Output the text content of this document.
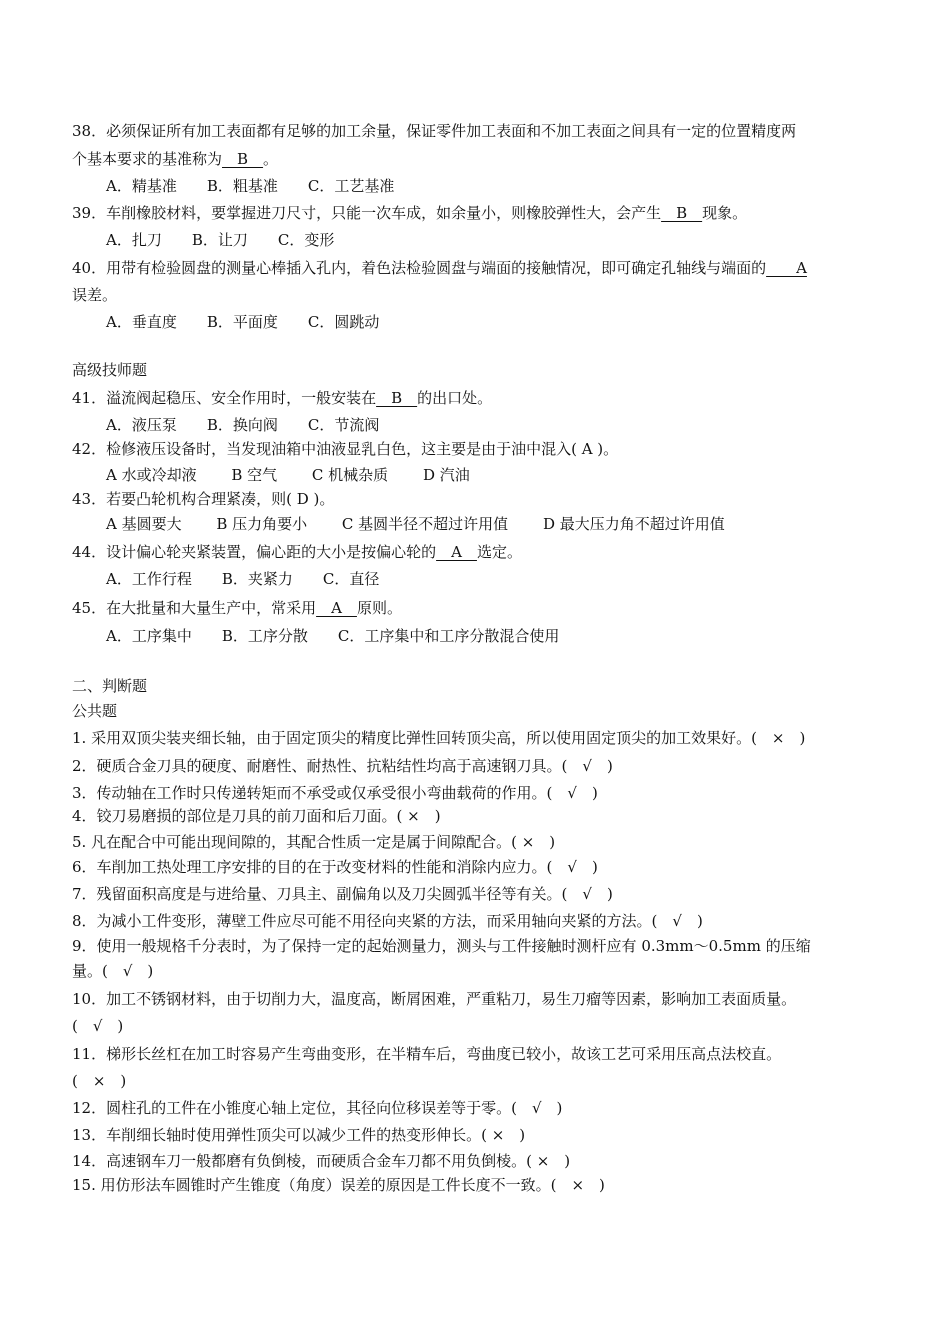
38．必须保证所有加工表面都有足够的加工余量，保证零件加工表面和不加工表面之间具有一定的位置精度两
个基本要求的基准称为　B　。
A．精基准　　B．粗基准　　C．工艺基准
39．车削橡胶材料，要掌握进刀尺寸，只能一次车成，如余量小，则橡胶弹性大，会产生　B　现象。
A．扎刀　　B．让刀　　C．变形
40．用带有检验圆盘的测量心棒插入孔内，着色法检验圆盘与端面的接触情况，即可确定孔轴线与端面的　　A
误差。
A．垂直度　　B．平面度　　C．圆跳动
高级技师题
41．溢流阀起稳压、安全作用时，一般安装在　B　的出口处。
A．液压泵　　B．换向阀　　C．节流阀
42．检修液压设备时，当发现油箱中油液显乳白色，这主要是由于油中混入( A )。
A 水或冷却液　　 B 空气　　 C 机械杂质　　 D 汽油
43．若要凸轮机构合理紧凑，则( D )。
A 基圆要大　　 B 压力角要小　　 C 基圆半径不超过许用值　　 D 最大压力角不超过许用值
44．设计偏心轮夹紧装置，偏心距的大小是按偏心轮的　A　选定。
A．工作行程　　B．夹紧力　　C．直径
45．在大批量和大量生产中，常采用　A　原则。
A．工序集中　　B．工序分散　　C．工序集中和工序分散混合使用
二、判断题
公共题
1. 采用双顶尖装夹细长轴，由于固定顶尖的精度比弹性回转顶尖高，所以使用固定顶尖的加工效果好。(　×　)
2．硬质合金刀具的硬度、耐磨性、耐热性、抗粘结性均高于高速钢刀具。(　√　)
3．传动轴在工作时只传递转矩而不承受或仅承受很小弯曲载荷的作用。(　√　)
4．铰刀易磨损的部位是刀具的前刀面和后刀面。( ×　)
5. 凡在配合中可能出现间隙的，其配合性质一定是属于间隙配合。( ×　)
6．车削加工热处理工序安排的目的在于改变材料的性能和消除内应力。(　√　)
7．残留面积高度是与进给量、刀具主、副偏角以及刀尖圆弧半径等有关。(　√　)
8．为减小工件变形，薄壁工件应尽可能不用径向夹紧的方法，而采用轴向夹紧的方法。(　√　)
9．使用一般规格千分表时，为了保持一定的起始测量力，测头与工件接触时测杆应有 0.3mm～0.5mm 的压缩
量。(　√　)
10．加工不锈钢材料，由于切削力大，温度高，断屑困难，严重粘刀，易生刀瘤等因素，影响加工表面质量。
(　√　)
11．梯形长丝杠在加工时容易产生弯曲变形，在半精车后，弯曲度已较小，故该工艺可采用压高点法校直。
(　×　)
12．圆柱孔的工件在小锥度心轴上定位，其径向位移误差等于零。(　√　)
13．车削细长轴时使用弹性顶尖可以减少工件的热变形伸长。( ×　)
14．高速钢车刀一般都磨有负倒棱，而硬质合金车刀都不用负倒棱。( ×　)
15. 用仿形法车圆锥时产生锥度（角度）误差的原因是工件长度不一致。(　×　)
